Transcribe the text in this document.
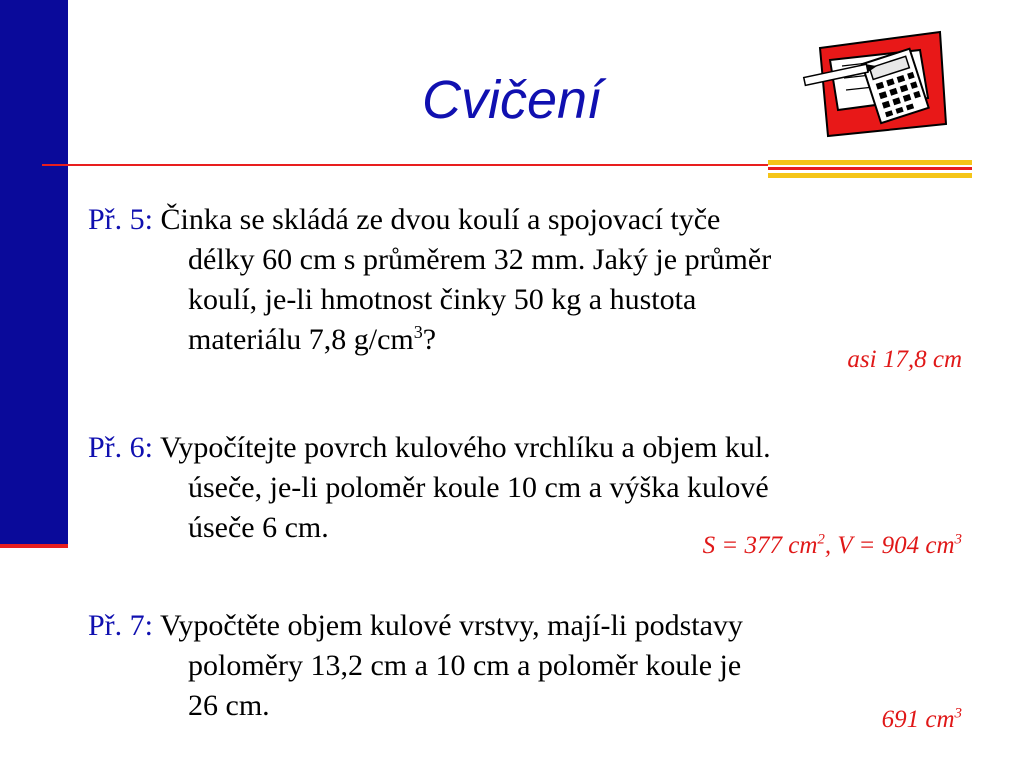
Cvičení
Př. 5: Činka se skládá ze dvou koulí a spojovací tyče
délky 60 cm s průměrem 32 mm. Jaký je průměr
koulí, je-li hmotnost činky 50 kg a hustota
materiálu 7,8 $g/cm^3$?
asi 17,8 cm
Př. 6: Vypočítejte povrch kulového vrchlíku a objem kul.
úseče, je-li poloměr koule 10 cm a výška kulové
úseče 6 cm.
S = 377 $cm^2$, V = 904 $cm^3$
Př. 7: Vypočtěte objem kulové vrstvy, mají-li podstavy
poloměry 13,2 cm a 10 cm a poloměr koule je
26 cm.	691 $cm^3$
